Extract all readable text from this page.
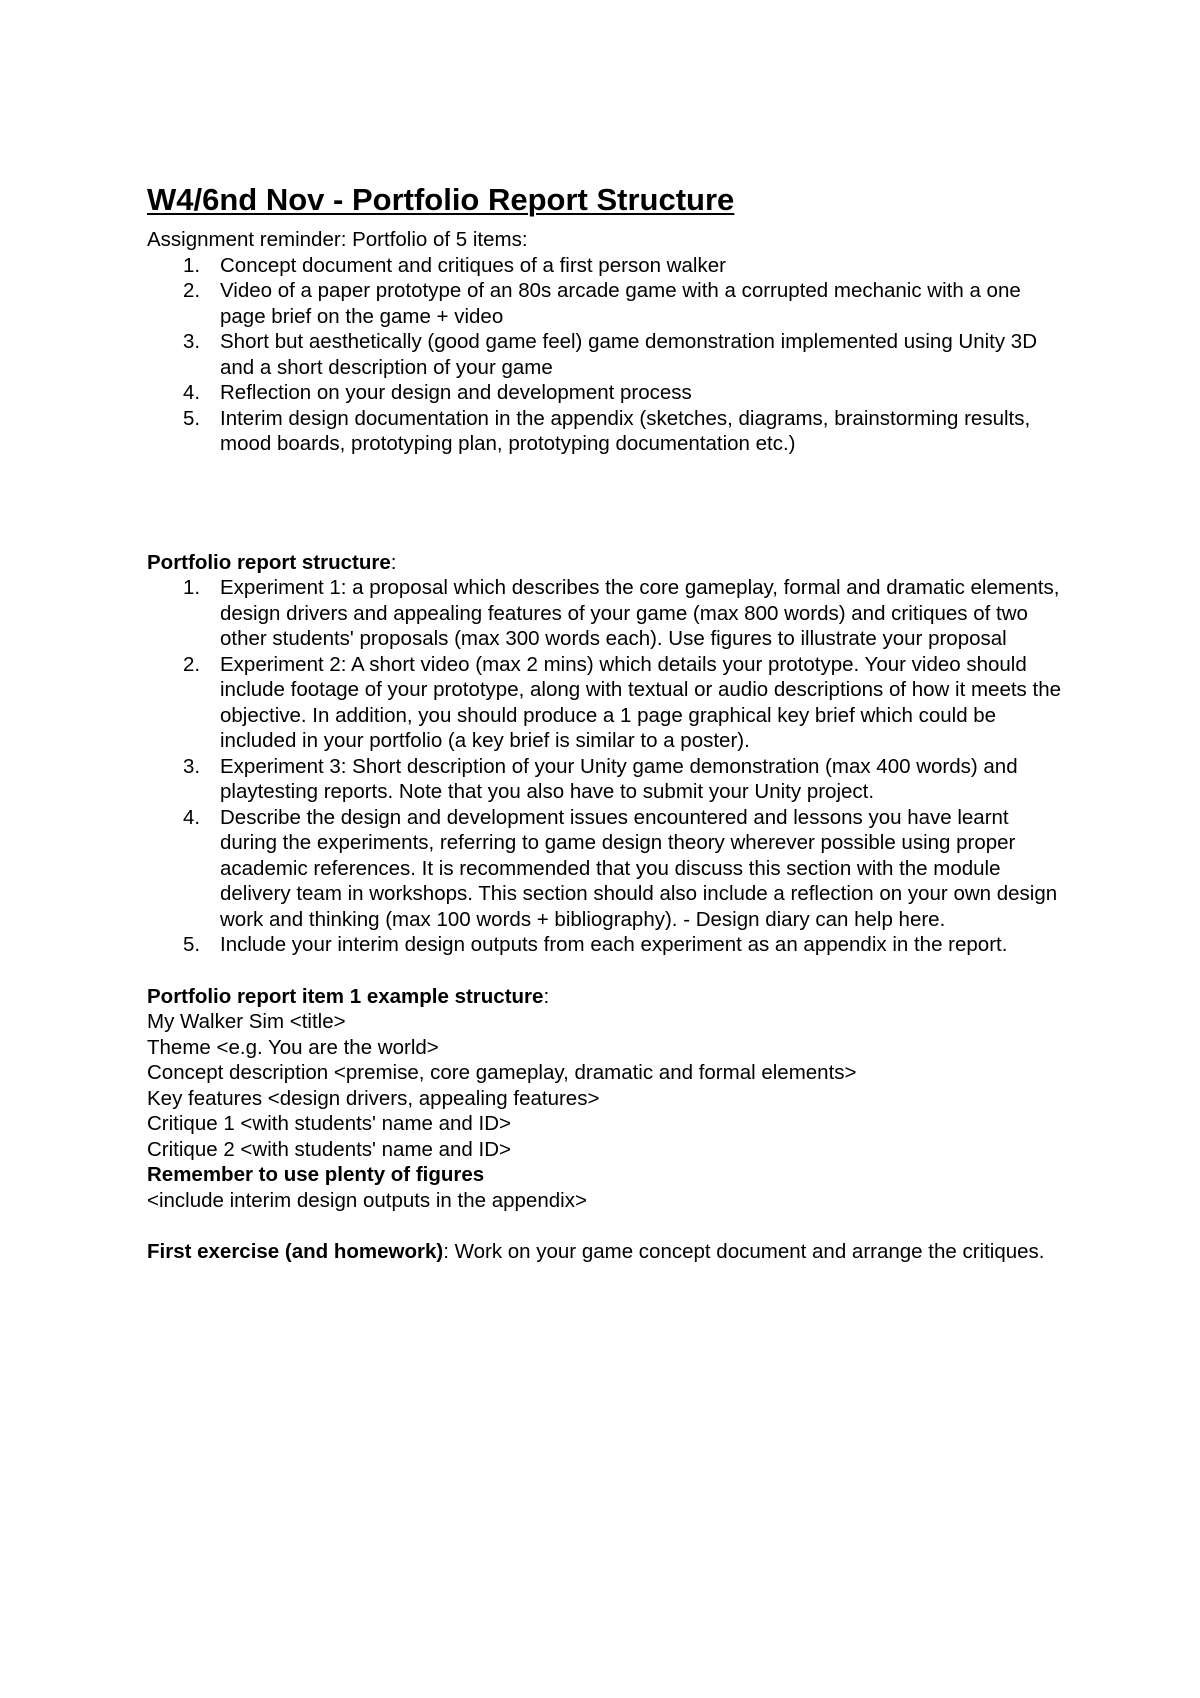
W4/6nd Nov - Portfolio Report Structure

Assignment reminder: Portfolio of 5 items:

1. Concept document and critiques of a first person walker
2. Video of a paper prototype of an 80s arcade game with a corrupted mechanic with a one page brief on the game + video
3. Short but aesthetically (good game feel) game demonstration implemented using Unity 3D and a short description of your game
4. Reflection on your design and development process
5. Interim design documentation in the appendix (sketches, diagrams, brainstorming results, mood boards, prototyping plan, prototyping documentation etc.)

Portfolio report structure:

1. Experiment 1: a proposal which describes the core gameplay, formal and dramatic elements, design drivers and appealing features of your game (max 800 words) and critiques of two other students' proposals (max 300 words each). Use figures to illustrate your proposal
2. Experiment 2: A short video (max 2 mins) which details your prototype. Your video should include footage of your prototype, along with textual or audio descriptions of how it meets the objective. In addition, you should produce a 1 page graphical key brief which could be included in your portfolio (a key brief is similar to a poster).
3. Experiment 3: Short description of your Unity game demonstration (max 400 words) and playtesting reports. Note that you also have to submit your Unity project.
4. Describe the design and development issues encountered and lessons you have learnt during the experiments, referring to game design theory wherever possible using proper academic references. It is recommended that you discuss this section with the module delivery team in workshops. This section should also include a reflection on your own design work and thinking (max 100 words + bibliography). - Design diary can help here.
5. Include your interim design outputs from each experiment as an appendix in the report.

Portfolio report item 1 example structure:

My Walker Sim <title>

Theme <e.g. You are the world>

Concept description <premise, core gameplay, dramatic and formal elements>

Key features <design drivers, appealing features>

Critique 1 <with students' name and ID>

Critique 2 <with students' name and ID>

Remember to use plenty of figures

<include interim design outputs in the appendix>

First exercise (and homework): Work on your game concept document and arrange the critiques.
